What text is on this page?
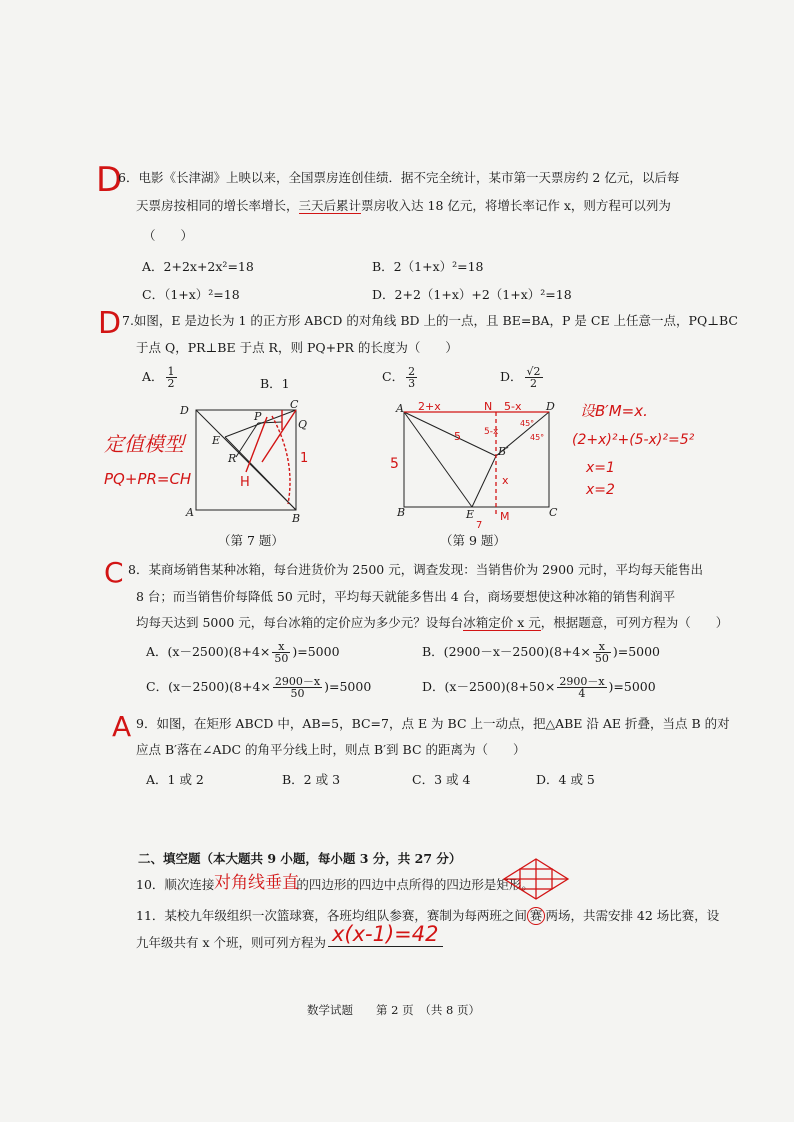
D
6．电影《长津湖》上映以来，全国票房连创佳绩．据不完全统计，某市第一天票房约 2 亿元，以后每
天票房按相同的增长率增长，三天后累计票房收入达 18 亿元，将增长率记作 x，则方程可以列为
（　　）
A．2+2x+2x²=18	B．2（1+x）²=18
C．（1+x）²=18	D．2+2（1+x）+2（1+x）²=18
D 7.如图，E 是边长为 1 的正方形 ABCD 的对角线 BD 上的一点，且 BE=BA，P 是 CE 上任意一点，PQ⊥BC
于点 Q，PR⊥BE 于点 R，则 PQ+PR 的长度为（　　）
A． $\frac{1}{2}$	B．1	C． $\frac{2}{3}$	D． $\frac{√2}{2}$
D	C
A	B
E
P
Q
R
H
1
（第 7 题）
定值模型
PQ+PR=CH
A	D
B	C
E
B′
N
M
2+x	5-x
5-x
5
5
x
45°
45°
7
（第 9 题）
设B′M=x.
(2+x)²+(5-x)²=5²
x=1
x=2
C 8．某商场销售某种冰箱，每台进货价为 2500 元，调查发现：当销售价为 2900 元时，平均每天能售出
8 台；而当销售价每降低 50 元时，平均每天就能多售出 4 台，商场要想使这种冰箱的销售利润平
均每天达到 5000 元，每台冰箱的定价应为多少元？设每台冰箱定价 x 元，根据题意，可列方程为（　　）
A．$(x-2500)(8+4\times \frac{x}{50} )=5000$	B．$(2900-x-2500)(8+4\times \frac{x}{50} )=5000$
C．$(x-2500)(8+4\times \frac{2900-x}{50} )=5000$	D．$(x-2500)(8+50\times \frac{2900-x}{4} )=5000$
A 9．如图，在矩形 ABCD 中，AB=5，BC=7，点 E 为 BC 上一动点，把△ABE 沿 AE 折叠，当点 B 的对
应点 B′落在∠ADC 的角平分线上时，则点 B′到 BC 的距离为（　　）
A．1 或 2	B．2 或 3	C．3 或 4	D．4 或 5
二、填空题（本大题共 9 小题，每小题 3 分，共 27 分）
10．顺次连接	的四边形的四边中点所得的四边形是矩形。
对角线垂直
11．某校九年级组织一次篮球赛，各班均组队参赛，赛制为每两班之间 赛 两场，共需安排 42 场比赛，设
九年级共有 x 个班，则可列方程为 x(x-1)=42
数学试题　　第 2 页　（共 8 页）
